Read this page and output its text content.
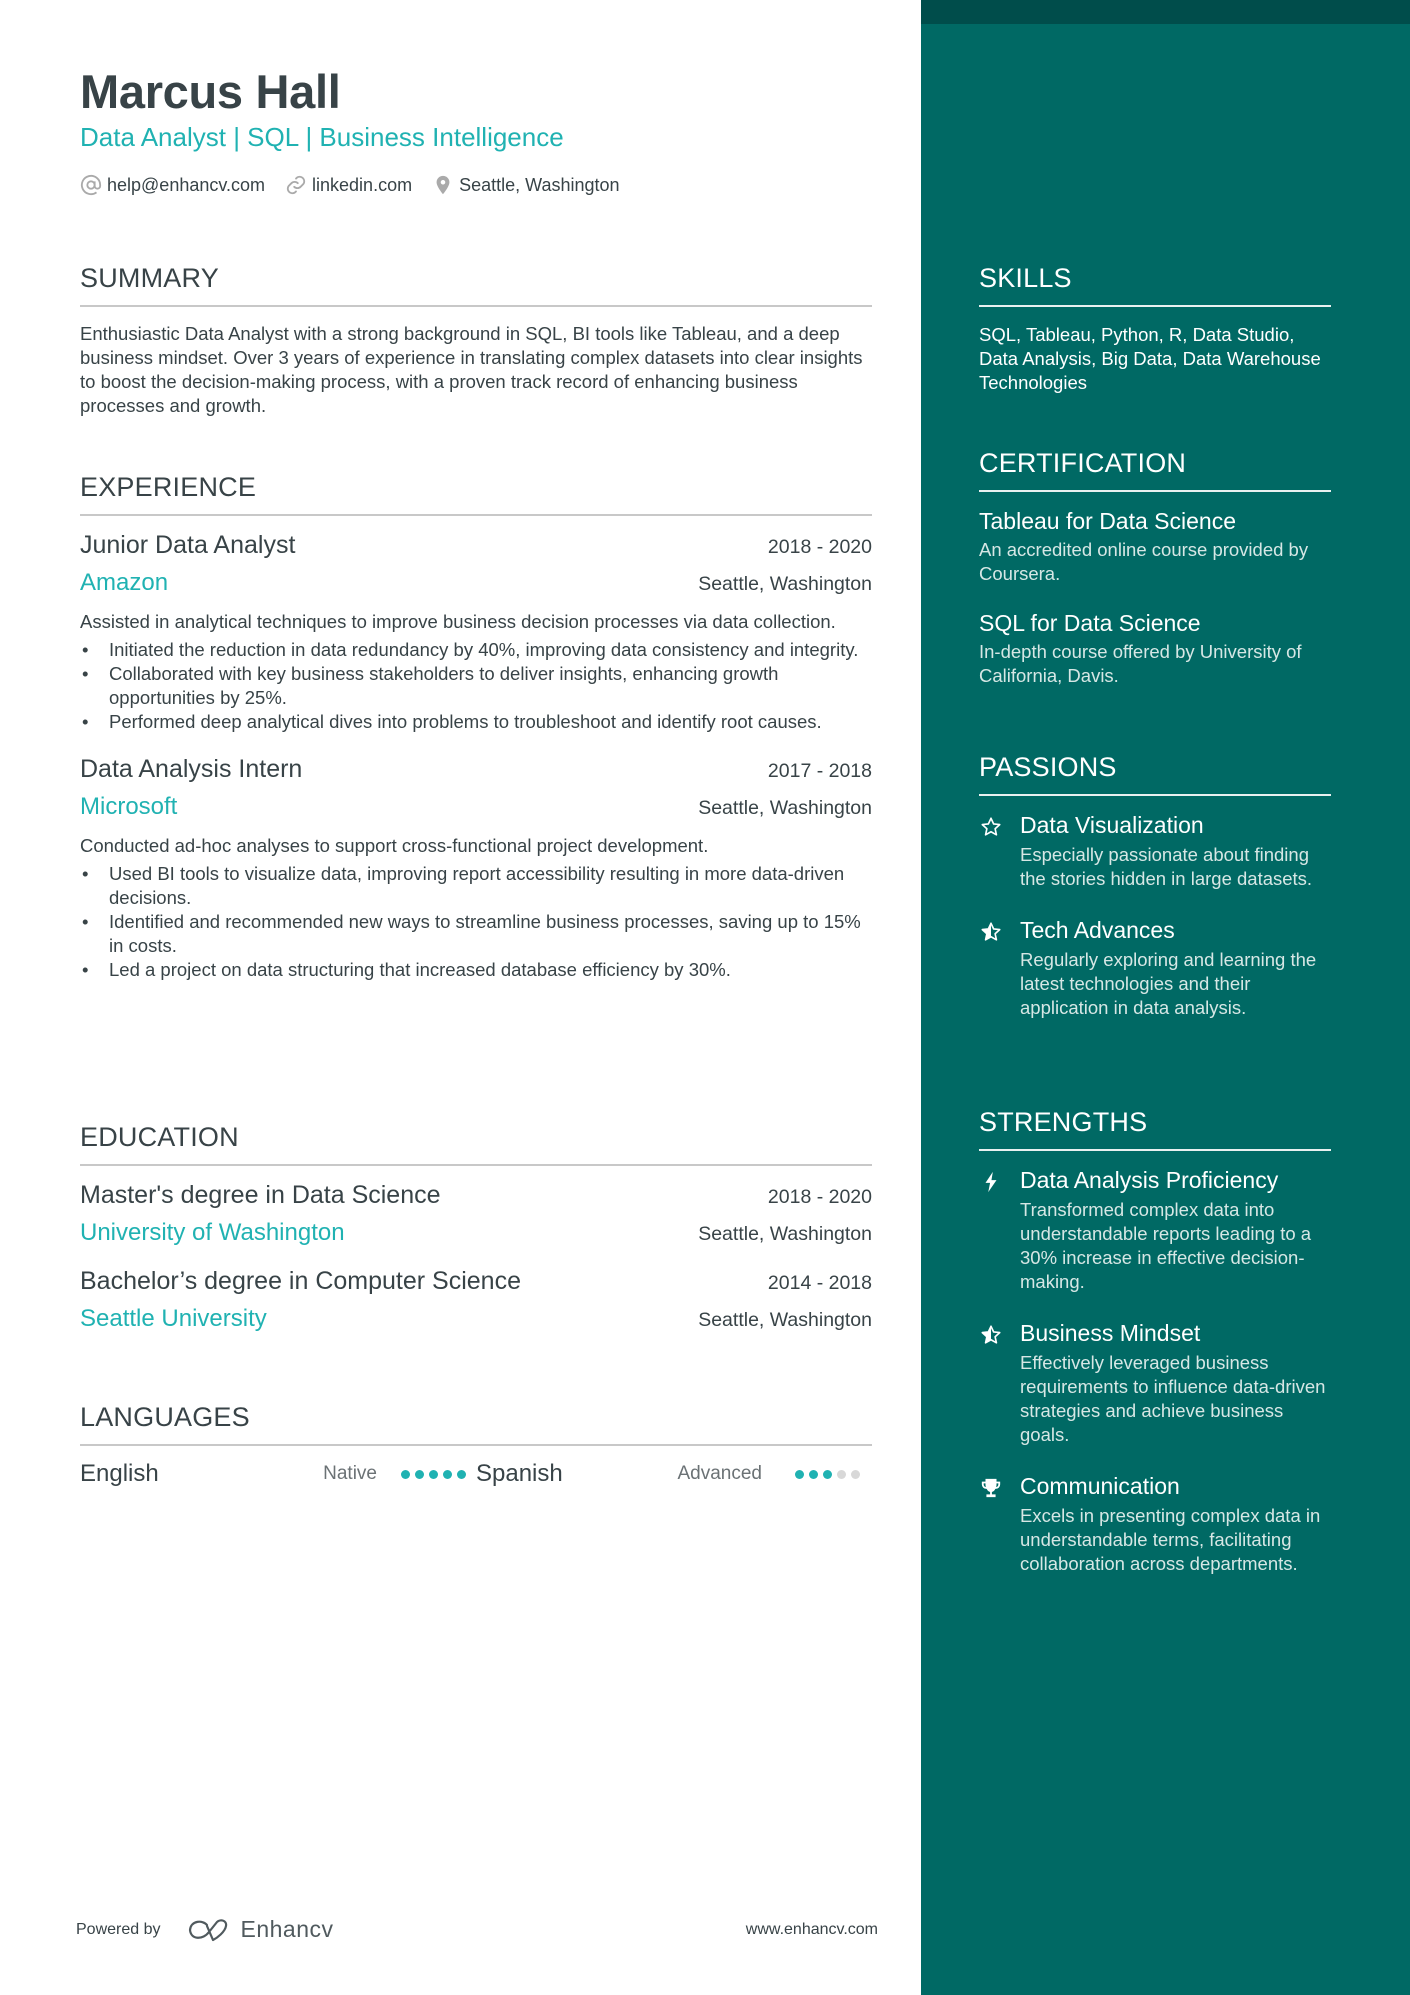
Marcus Hall
Data Analyst | SQL | Business Intelligence
help@enhancv.com	linkedin.com	Seattle, Washington
SUMMARY

Enthusiastic Data Analyst with a strong background in SQL, BI tools like Tableau, and a deep business mindset. Over 3 years of experience in translating complex datasets into clear insights to boost the decision-making process, with a proven track record of enhancing business processes and growth.

EXPERIENCE
Junior Data Analyst	2018 - 2020
Amazon	Seattle, Washington
Assisted in analytical techniques to improve business decision processes via data collection.
• Initiated the reduction in data redundancy by 40%, improving data consistency and integrity.
• Collaborated with key business stakeholders to deliver insights, enhancing growth opportunities by 25%.
• Performed deep analytical dives into problems to troubleshoot and identify root causes.
Data Analysis Intern	2017 - 2018
Microsoft	Seattle, Washington
Conducted ad-hoc analyses to support cross-functional project development.
• Used BI tools to visualize data, improving report accessibility resulting in more data-driven decisions.
• Identified and recommended new ways to streamline business processes, saving up to 15% in costs.
• Led a project on data structuring that increased database efficiency by 30%.
EDUCATION
Master's degree in Data Science	2018 - 2020
University of Washington	Seattle, Washington
Bachelor’s degree in Computer Science	2014 - 2018
Seattle University	Seattle, Washington
LANGUAGES
English	Native	Spanish	Advanced
Powered by	Enhancv	www.enhancv.com
SKILLS
SQL, Tableau, Python, R, Data Studio, Data Analysis, Big Data, Data Warehouse Technologies
CERTIFICATION
Tableau for Data Science
An accredited online course provided by Coursera.
SQL for Data Science
In-depth course offered by University of California, Davis.
PASSIONS
Data Visualization
Especially passionate about finding the stories hidden in large datasets.
Tech Advances
Regularly exploring and learning the latest technologies and their application in data analysis.
STRENGTHS
Data Analysis Proficiency
Transformed complex data into understandable reports leading to a 30% increase in effective decision-making.
Business Mindset
Effectively leveraged business requirements to influence data-driven strategies and achieve business goals.
Communication
Excels in presenting complex data in understandable terms, facilitating collaboration across departments.
